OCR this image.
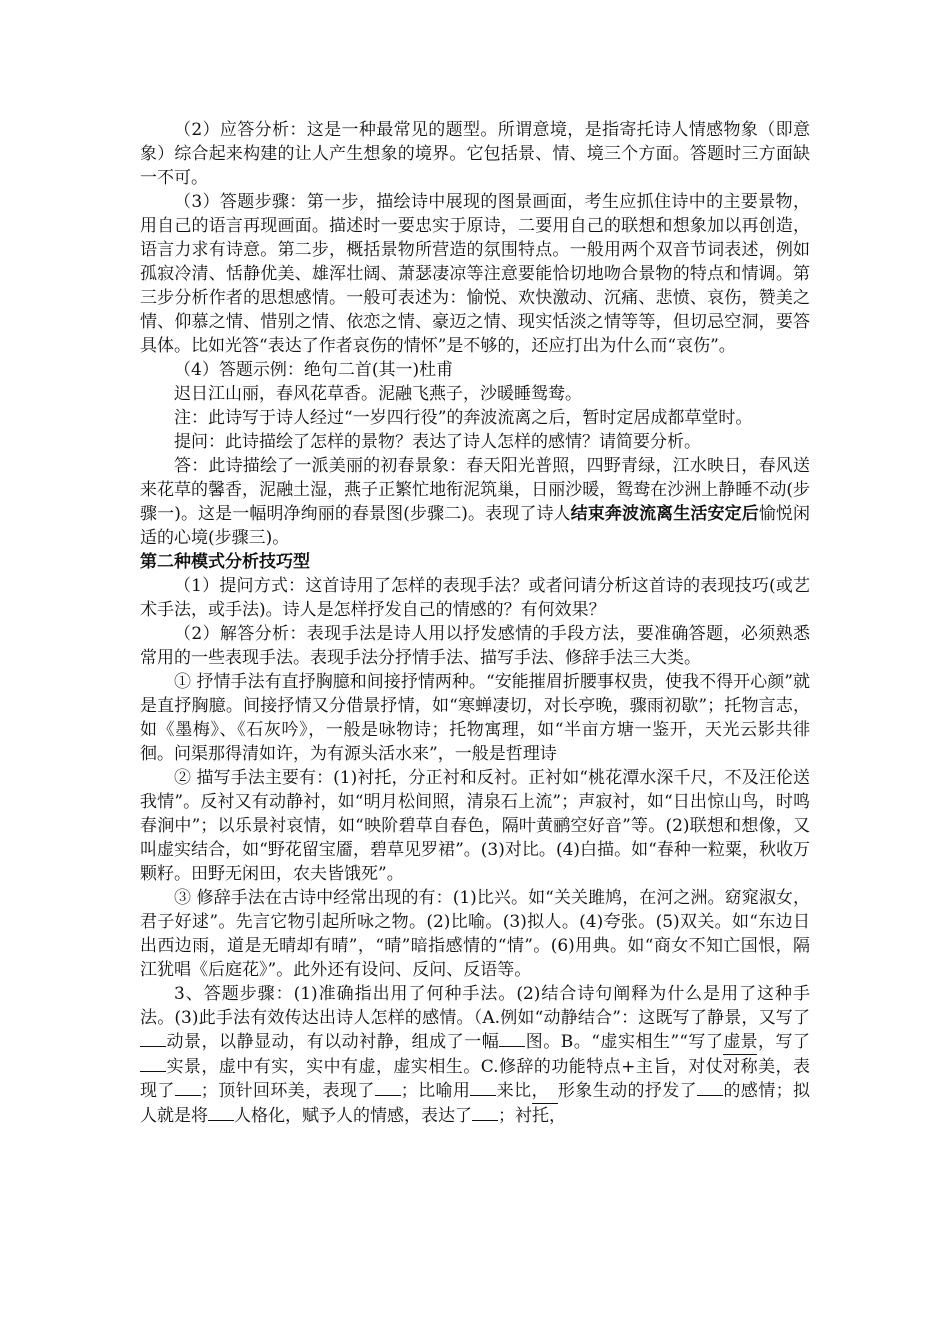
（2）应答分析：这是一种最常见的题型。所谓意境，是指寄托诗人情感物象（即意象）综合起来构建的让人产生想象的境界。它包括景、情、境三个方面。答题时三方面缺一不可。

（3）答题步骤：第一步，描绘诗中展现的图景画面，考生应抓住诗中的主要景物，用自己的语言再现画面。描述时一要忠实于原诗，二要用自己的联想和想象加以再创造，语言力求有诗意。第二步，概括景物所营造的氛围特点。一般用两个双音节词表述，例如孤寂冷清、恬静优美、雄浑壮阔、萧瑟凄凉等注意要能恰切地吻合景物的特点和情调。第三步分析作者的思想感情。一般可表述为：愉悦、欢快激动、沉痛、悲愤、哀伤，赞美之情、仰慕之情、惜别之情、依恋之情、豪迈之情、现实恬淡之情等等，但切忌空洞，要答具体。比如光答“表达了作者哀伤的情怀”是不够的，还应打出为什么而“哀伤”。

（4）答题示例：绝句二首(其一)杜甫

迟日江山丽，春风花草香。泥融飞燕子，沙暖睡鸳鸯。

注：此诗写于诗人经过“一岁四行役”的奔波流离之后，暂时定居成都草堂时。

提问：此诗描绘了怎样的景物？表达了诗人怎样的感情？请简要分析。

答：此诗描绘了一派美丽的初春景象：春天阳光普照，四野青绿，江水映日，春风送来花草的馨香，泥融土湿，燕子正繁忙地衔泥筑巢，日丽沙暖，鸳鸯在沙洲上静睡不动(步骤一)。这是一幅明净绚丽的春景图(步骤二)。表现了诗人结束奔波流离生活安定后愉悦闲适的心境(步骤三)。

第二种模式分析技巧型

（1）提问方式：这首诗用了怎样的表现手法？或者问请分析这首诗的表现技巧(或艺术手法，或手法)。诗人是怎样抒发自己的情感的？有何效果？

（2）解答分析：表现手法是诗人用以抒发感情的手段方法，要准确答题，必须熟悉常用的一些表现手法。表现手法分抒情手法、描写手法、修辞手法三大类。

① 抒情手法有直抒胸臆和间接抒情两种。“安能摧眉折腰事权贵，使我不得开心颜”就是直抒胸臆。间接抒情又分借景抒情，如“寒蝉凄切，对长亭晚，骤雨初歇”；托物言志，如《墨梅》、《石灰吟》，一般是咏物诗；托物寓理，如“半亩方塘一鉴开，天光云影共徘徊。问渠那得清如许，为有源头活水来”，一般是哲理诗

② 描写手法主要有：(1)衬托，分正衬和反衬。正衬如“桃花潭水深千尺，不及汪伦送我情”。反衬又有动静衬，如“明月松间照，清泉石上流”；声寂衬，如“日出惊山鸟，时鸣春涧中”；以乐景衬哀情，如“映阶碧草自春色，隔叶黄鹂空好音”等。(2)联想和想像，又叫虚实结合，如“野花留宝靥，碧草见罗裙”。(3)对比。(4)白描。如“春种一粒粟，秋收万颗籽。田野无闲田，农夫皆饿死”。

③ 修辞手法在古诗中经常出现的有：(1)比兴。如“关关雎鸠，在河之洲。窈窕淑女，君子好逑”。先言它物引起所咏之物。(2)比喻。(3)拟人。(4)夸张。(5)双关。如“东边日出西边雨，道是无晴却有晴”，“晴”暗指感情的“情”。(6)用典。如“商女不知亡国恨，隔江犹唱《后庭花》”。此外还有设问、反问、反语等。

3、答题步骤：(1)准确指出用了何种手法。(2)结合诗句阐释为什么是用了这种手法。(3)此手法有效传达出诗人怎样的感情。（A.例如“动静结合”：这既写了静景，又写了动景，以静显动，有以动衬静，组成了一幅 图。B。“虚实相生”“写了虚景，写了实景，虚中有实，实中有虚，虚实相生。C.修辞的功能特点+主旨，对仗对称美，表现了 ；顶针回环美，表现了 ；比喻用 来比， 形象生动的抒发了 的感情；拟人就是将 人格化，赋予人的情感，表达了 ；衬托，
